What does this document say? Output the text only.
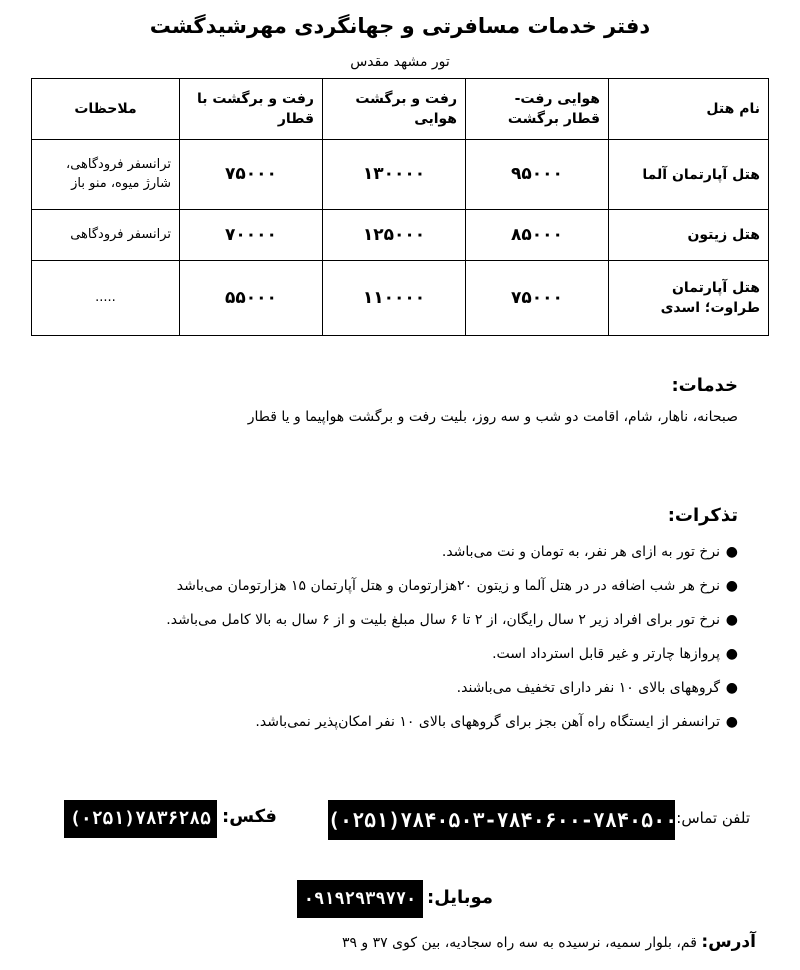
دفتر خدمات مسافرتی و جهانگردی مهرشیدگشت
تور مشهد مقدس
نام هتل	هوایی رفت- قطار برگشت	رفت و برگشت هوایی	رفت و برگشت با قطار	ملاحظات
هتل آپارتمان آلما	۹۵۰۰۰	۱۳۰۰۰۰	۷۵۰۰۰	ترانسفر فرودگاهی، شارژ میوه، منو باز
هتل زیتون	۸۵۰۰۰	۱۲۵۰۰۰	۷۰۰۰۰	ترانسفر فرودگاهی
هتل آپارتمان طراوت؛ اسدی	۷۵۰۰۰	۱۱۰۰۰۰	۵۵۰۰۰	.....
خدمات:
صبحانه، ناهار، شام، اقامت دو شب و سه روز، بلیت رفت و برگشت هواپیما و یا قطار
تذکرات:
●
نرخ تور به ازای هر نفر، به تومان و نت می‌باشد.
●
نرخ هر شب اضافه در در هتل آلما و زیتون ۲۰هزارتومان و هتل آپارتمان ۱۵ هزارتومان می‌باشد
●
نرخ تور برای افراد زیر ۲ سال رایگان، از ۲ تا ۶ سال مبلغ بلیت و از ۶ سال به بالا کامل می‌باشد.
●
پروازها چارتر و غیر قابل استرداد است.
●
گروههای بالای ۱۰ نفر دارای تخفیف می‌باشند.
●
ترانسفر از ایستگاه راه آهن بجز برای گروههای بالای ۱۰ نفر امکان‌پذیر نمی‌باشد.
تلفن تماس:
(۰۲۵۱)۷۸۴۰۵۰۳-۷۸۴۰۶۰۰-۷۸۴۰۵۰۰
فکس:
(۰۲۵۱)۷۸۳۶۲۸۵
موبایل:
۰۹۱۹۲۹۳۹۷۷۰
آدرس: قم، بلوار سمیه، نرسیده به سه راه سجادیه، بین کوی ۳۷ و ۳۹
